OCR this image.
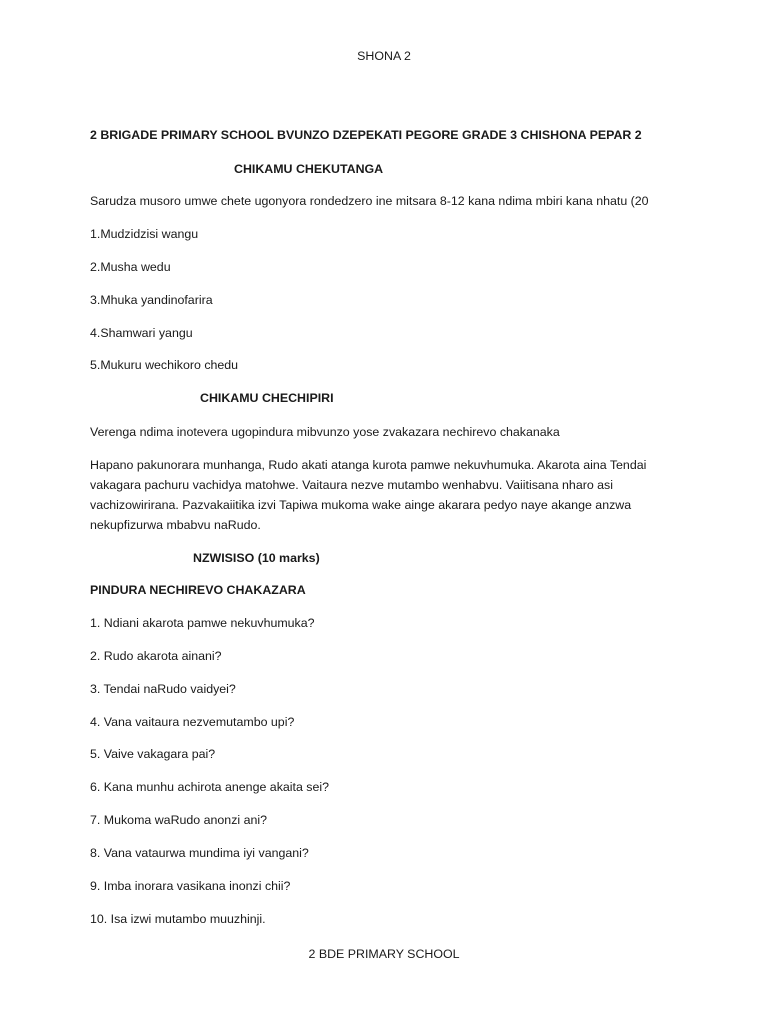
SHONA 2
2 BRIGADE PRIMARY SCHOOL BVUNZO DZEPEKATI PEGORE GRADE 3 CHISHONA PEPAR 2
CHIKAMU CHEKUTANGA
Sarudza musoro umwe chete ugonyora rondedzero ine mitsara 8-12 kana ndima mbiri kana nhatu (20
1.Mudzidzisi wangu
2.Musha wedu
3.Mhuka yandinofarira
4.Shamwari yangu
5.Mukuru wechikoro chedu
CHIKAMU CHECHIPIRI
Verenga ndima inotevera ugopindura mibvunzo yose zvakazara nechirevo chakanaka
Hapano pakunorara munhanga, Rudo akati atanga kurota pamwe nekuvhumuka. Akarota aina Tendai
vakagara pachuru vachidya matohwe. Vaitaura nezve mutambo wenhabvu. Vaiitisana nharo asi
vachizowirirana. Pazvakaiitika izvi Tapiwa mukoma wake ainge akarara pedyo naye akange anzwa
nekupfizurwa mbabvu naRudo.
NZWISISO (10 marks)
PINDURA NECHIREVO CHAKAZARA
1. Ndiani akarota pamwe nekuvhumuka?
2. Rudo akarota ainani?
3. Tendai naRudo vaidyei?
4. Vana vaitaura nezvemutambo upi?
5. Vaive vakagara pai?
6. Kana munhu achirota anenge akaita sei?
7. Mukoma waRudo anonzi ani?
8. Vana vataurwa mundima iyi vangani?
9. Imba inorara vasikana inonzi chii?
10. Isa izwi mutambo muuzhinji.
2 BDE PRIMARY SCHOOL
